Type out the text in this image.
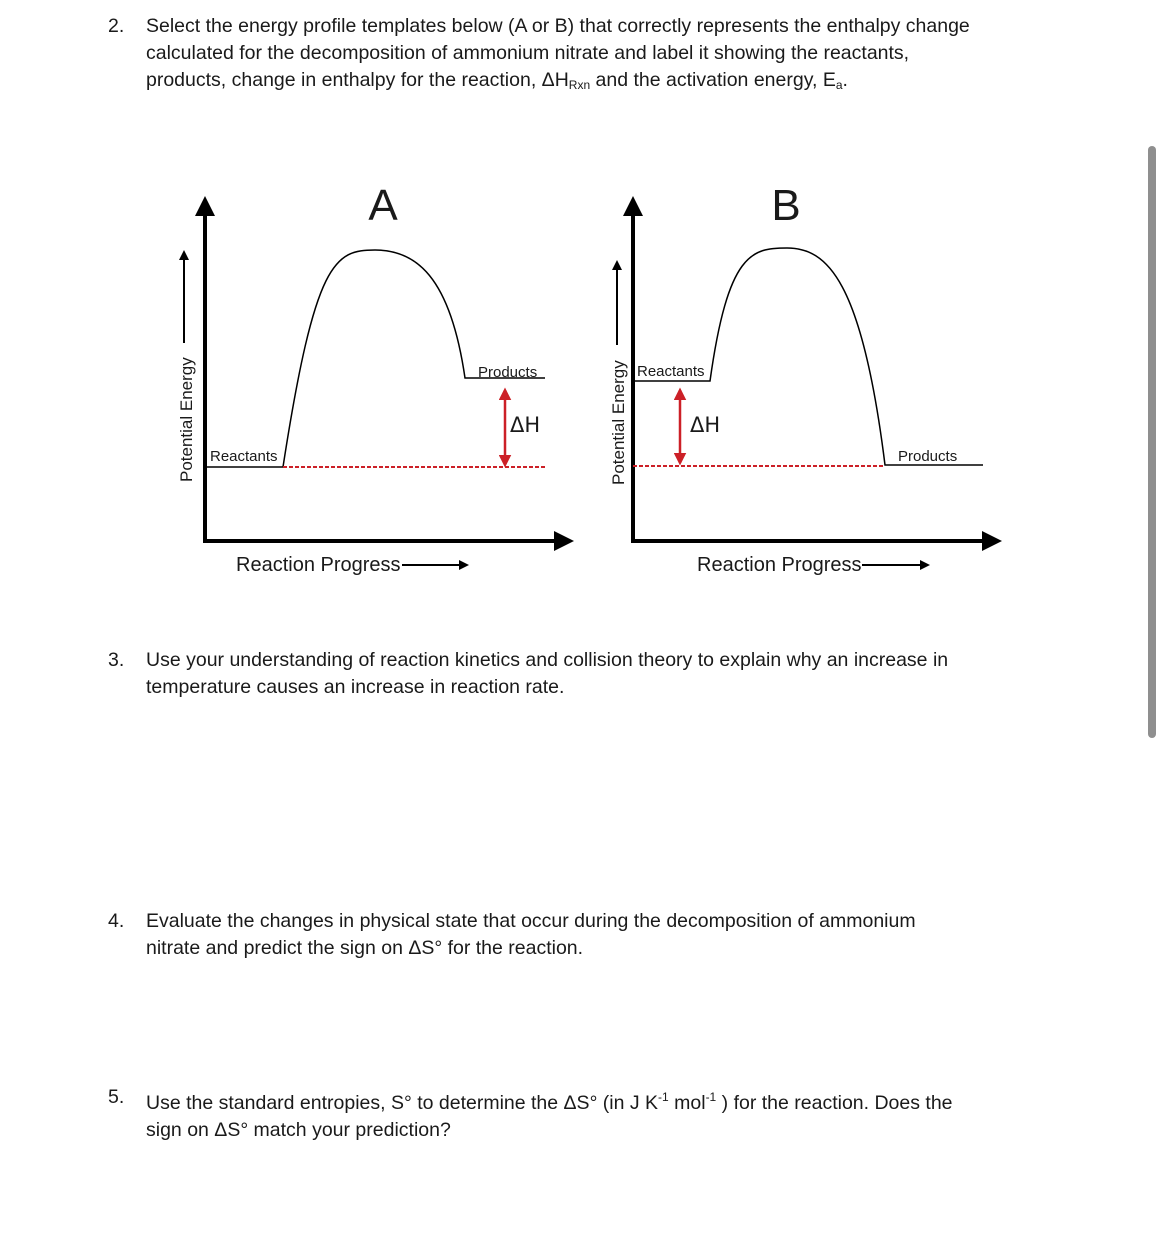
2. Select the energy profile templates below (A or B) that correctly represents the enthalpy change
calculated for the decomposition of ammonium nitrate and label it showing the reactants,
products, change in enthalpy for the reaction, $\Delta H_{Rxn}$ and the activation energy, $E_a$.
A
Potential Energy	ΔH
Reactants
Products
Reaction Progress
B
Potential Energy	ΔH
Reactants
Products
Reaction Progress
3. Use your understanding of reaction kinetics and collision theory to explain why an increase in
temperature causes an increase in reaction rate.
4. Evaluate the changes in physical state that occur during the decomposition of ammonium
nitrate and predict the sign on ΔS° for the reaction.
5. Use the standard entropies, S° to determine the ΔS° (in J $K^{-1}$ mol$^{-1}$ ) for the reaction. Does the
sign on ΔS° match your prediction?
